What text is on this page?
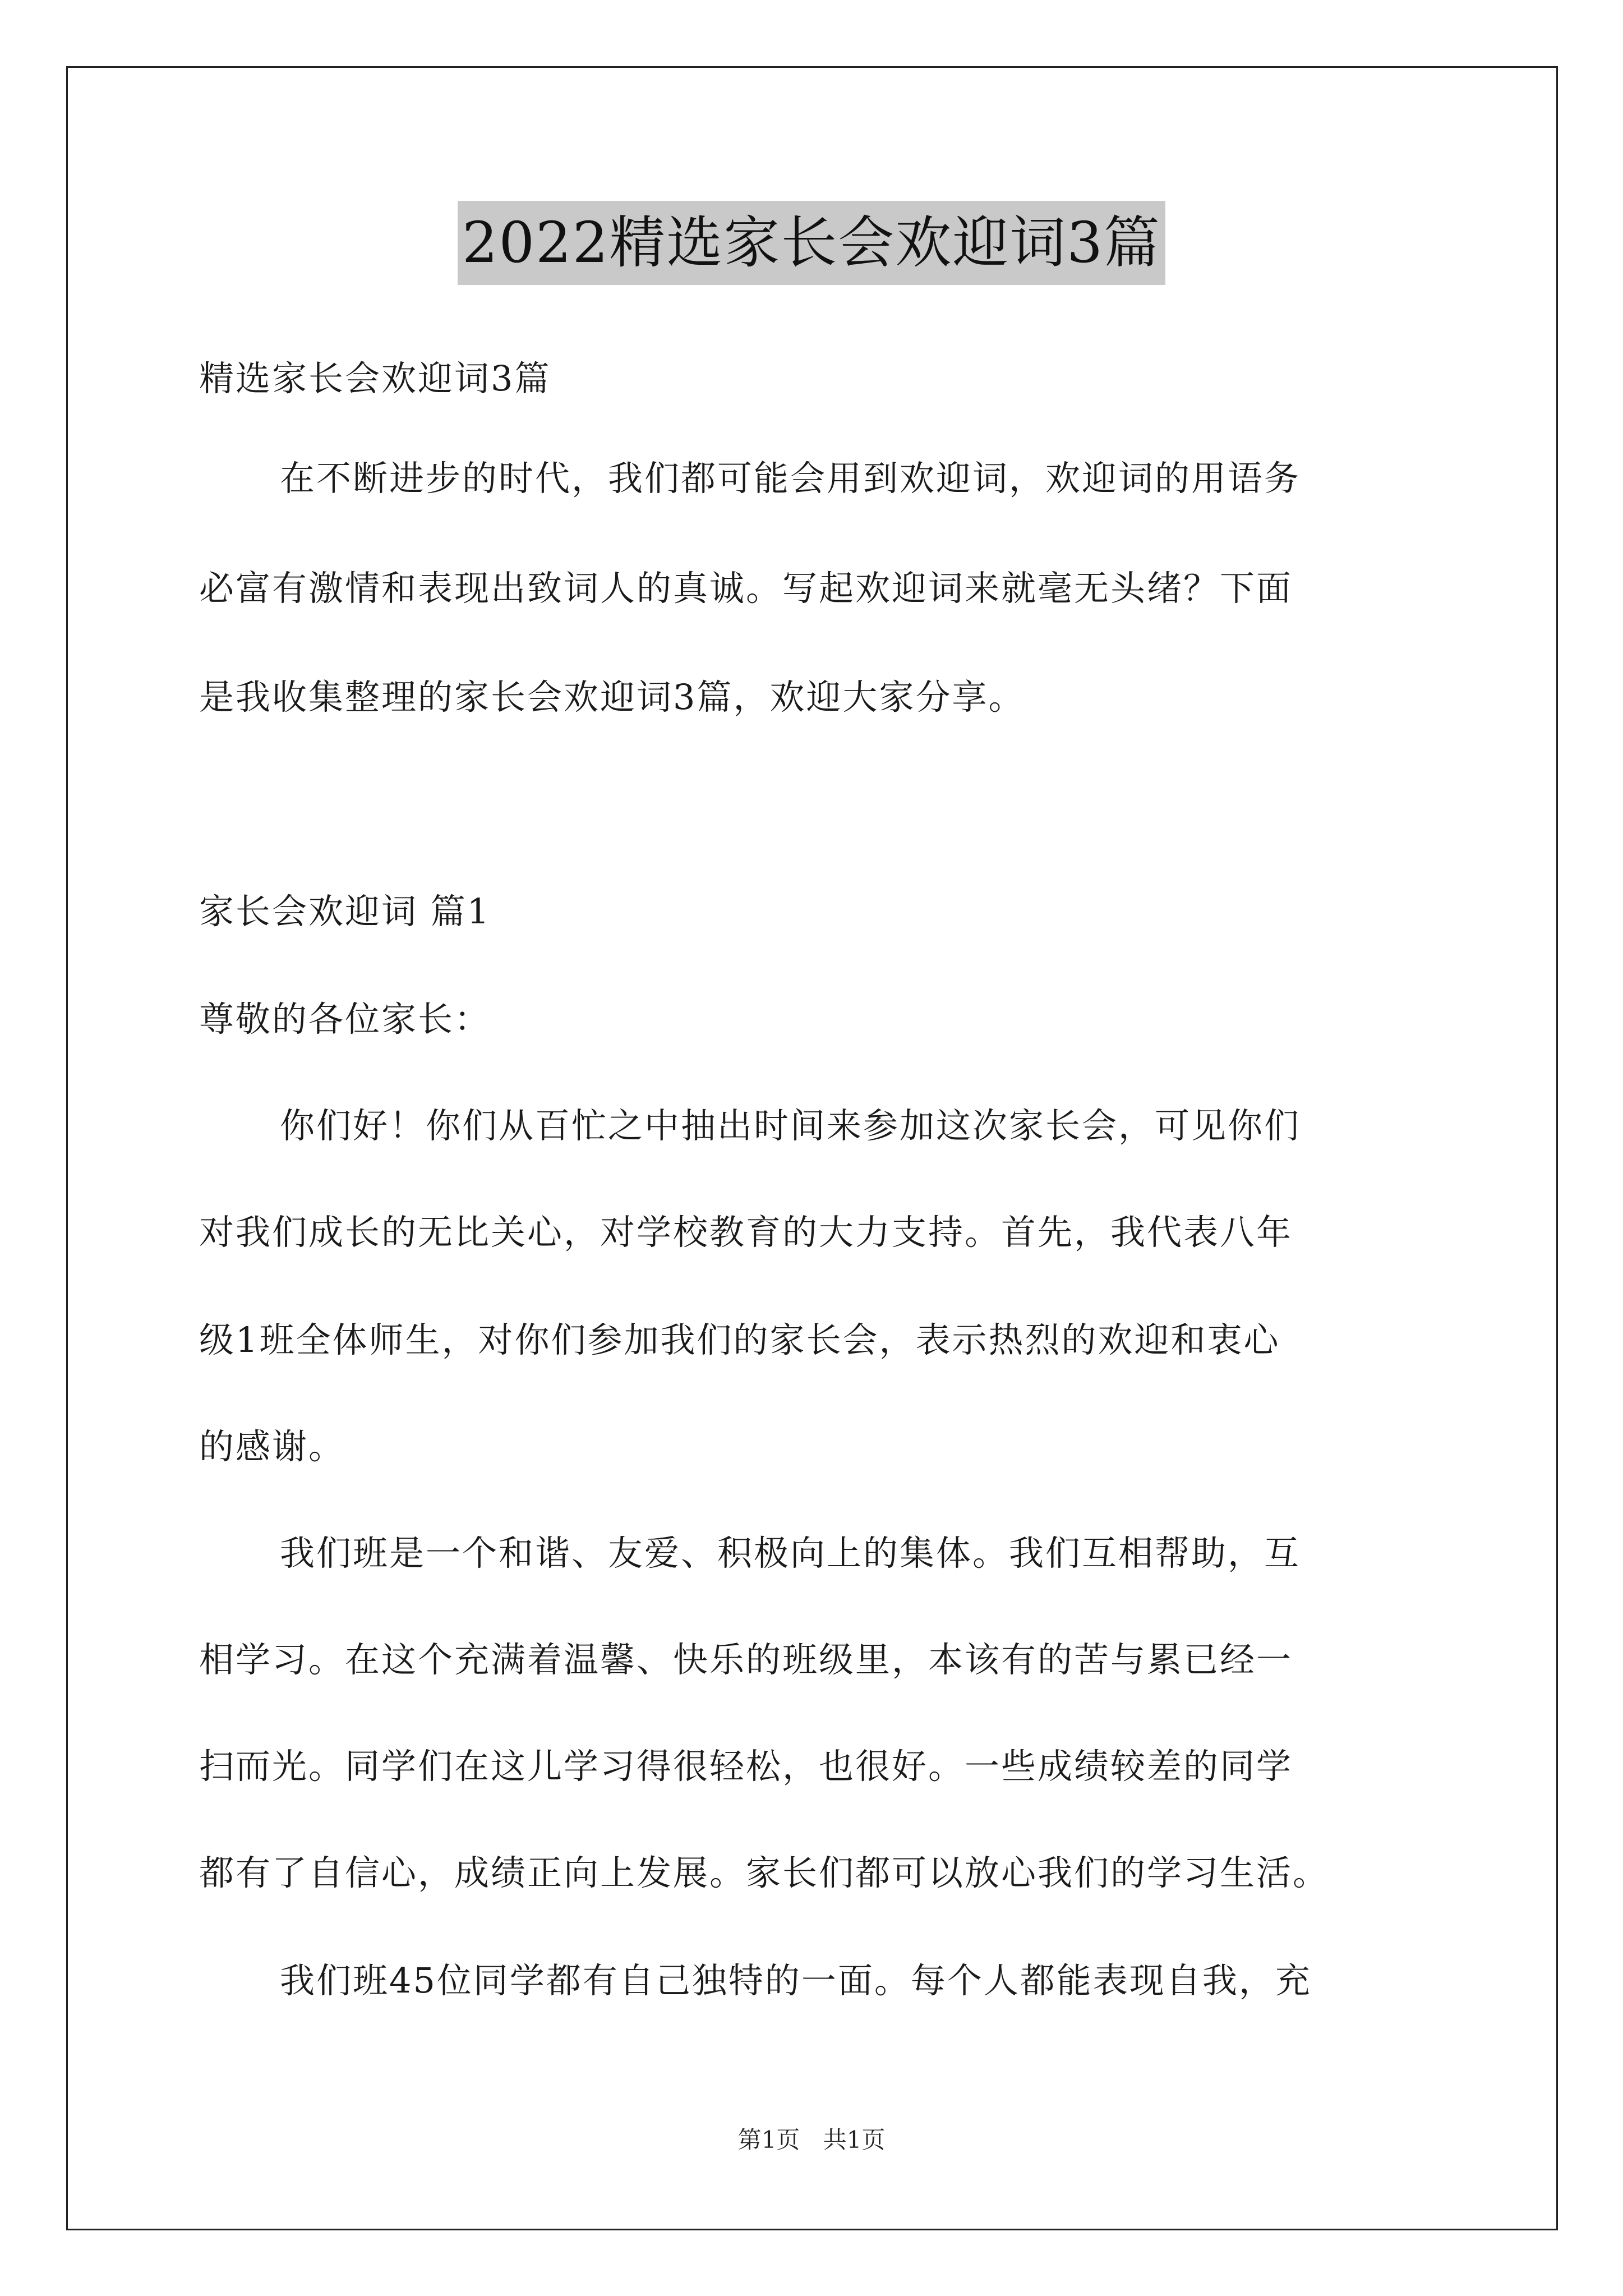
2022精选家长会欢迎词3篇
精选家长会欢迎词3篇
在不断进步的时代，我们都可能会用到欢迎词，欢迎词的用语务
必富有激情和表现出致词人的真诚。写起欢迎词来就毫无头绪？下面
是我收集整理的家长会欢迎词3篇，欢迎大家分享。
家长会欢迎词 篇1
尊敬的各位家长：
你们好！你们从百忙之中抽出时间来参加这次家长会，可见你们
对我们成长的无比关心，对学校教育的大力支持。首先，我代表八年
级1班全体师生，对你们参加我们的家长会，表示热烈的欢迎和衷心
的感谢。
我们班是一个和谐、友爱、积极向上的集体。我们互相帮助，互
相学习。在这个充满着温馨、快乐的班级里，本该有的苦与累已经一
扫而光。同学们在这儿学习得很轻松，也很好。一些成绩较差的同学
都有了自信心，成绩正向上发展。家长们都可以放心我们的学习生活。
我们班45位同学都有自己独特的一面。每个人都能表现自我，充
第1页 共1页
